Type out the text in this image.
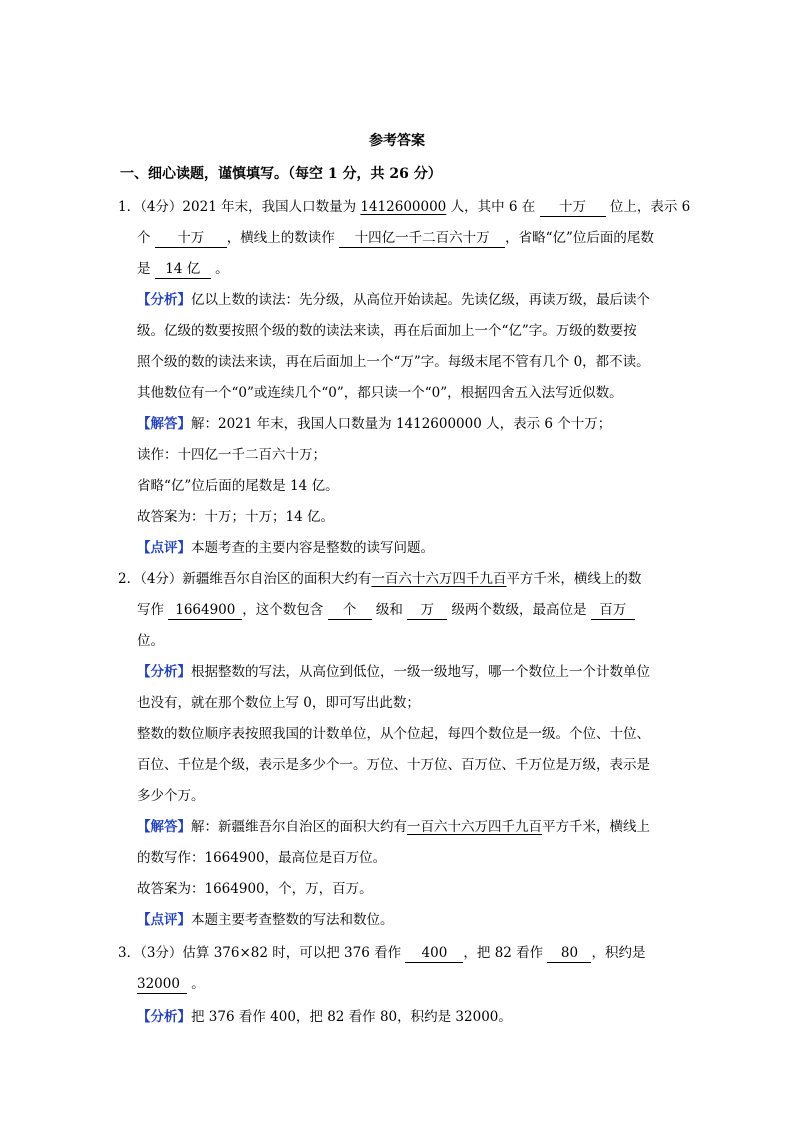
参考答案
一、细心读题，谨慎填写。（每空 1 分，共 26 分）
1．（4分）2021 年末，我国人口数量为 1412600000 人，其中 6 在 十万 位上，表示 6
个 十万 ，横线上的数读作 十四亿一千二百六十万 ，省略“亿”位后面的尾数
是 14 亿 。
【分析】亿以上数的读法：先分级，从高位开始读起。先读亿级，再读万级，最后读个
级。亿级的数要按照个级的数的读法来读，再在后面加上一个“亿”字。万级的数要按
照个级的数的读法来读，再在后面加上一个“万”字。每级末尾不管有几个 0，都不读。
其他数位有一个“0”或连续几个“0”，都只读一个“0”，根据四舍五入法写近似数。
【解答】解：2021 年末，我国人口数量为 1412600000 人，表示 6 个十万；
读作：十四亿一千二百六十万；
省略“亿”位后面的尾数是 14 亿。
故答案为：十万；十万；14 亿。
【点评】本题考查的主要内容是整数的读写问题。
2．（4分）新疆维吾尔自治区的面积大约有一百六十六万四千九百平方千米，横线上的数
写作 1664900 ，这个数包含 个 级和 万 级两个数级，最高位是 百万
位。
【分析】根据整数的写法，从高位到低位，一级一级地写，哪一个数位上一个计数单位
也没有，就在那个数位上写 0，即可写出此数；
整数的数位顺序表按照我国的计数单位，从个位起，每四个数位是一级。个位、十位、
百位、千位是个级，表示是多少个一。万位、十万位、百万位、千万位是万级，表示是
多少个万。
【解答】解：新疆维吾尔自治区的面积大约有一百六十六万四千九百平方千米，横线上
的数写作：1664900，最高位是百万位。
故答案为：1664900，个，万，百万。
【点评】本题主要考查整数的写法和数位。
3．（3分）估算 376×82 时，可以把 376 看作 400 ，把 82 看作 80 ，积约是
32000 。
【分析】把 376 看作 400，把 82 看作 80，积约是 32000。
